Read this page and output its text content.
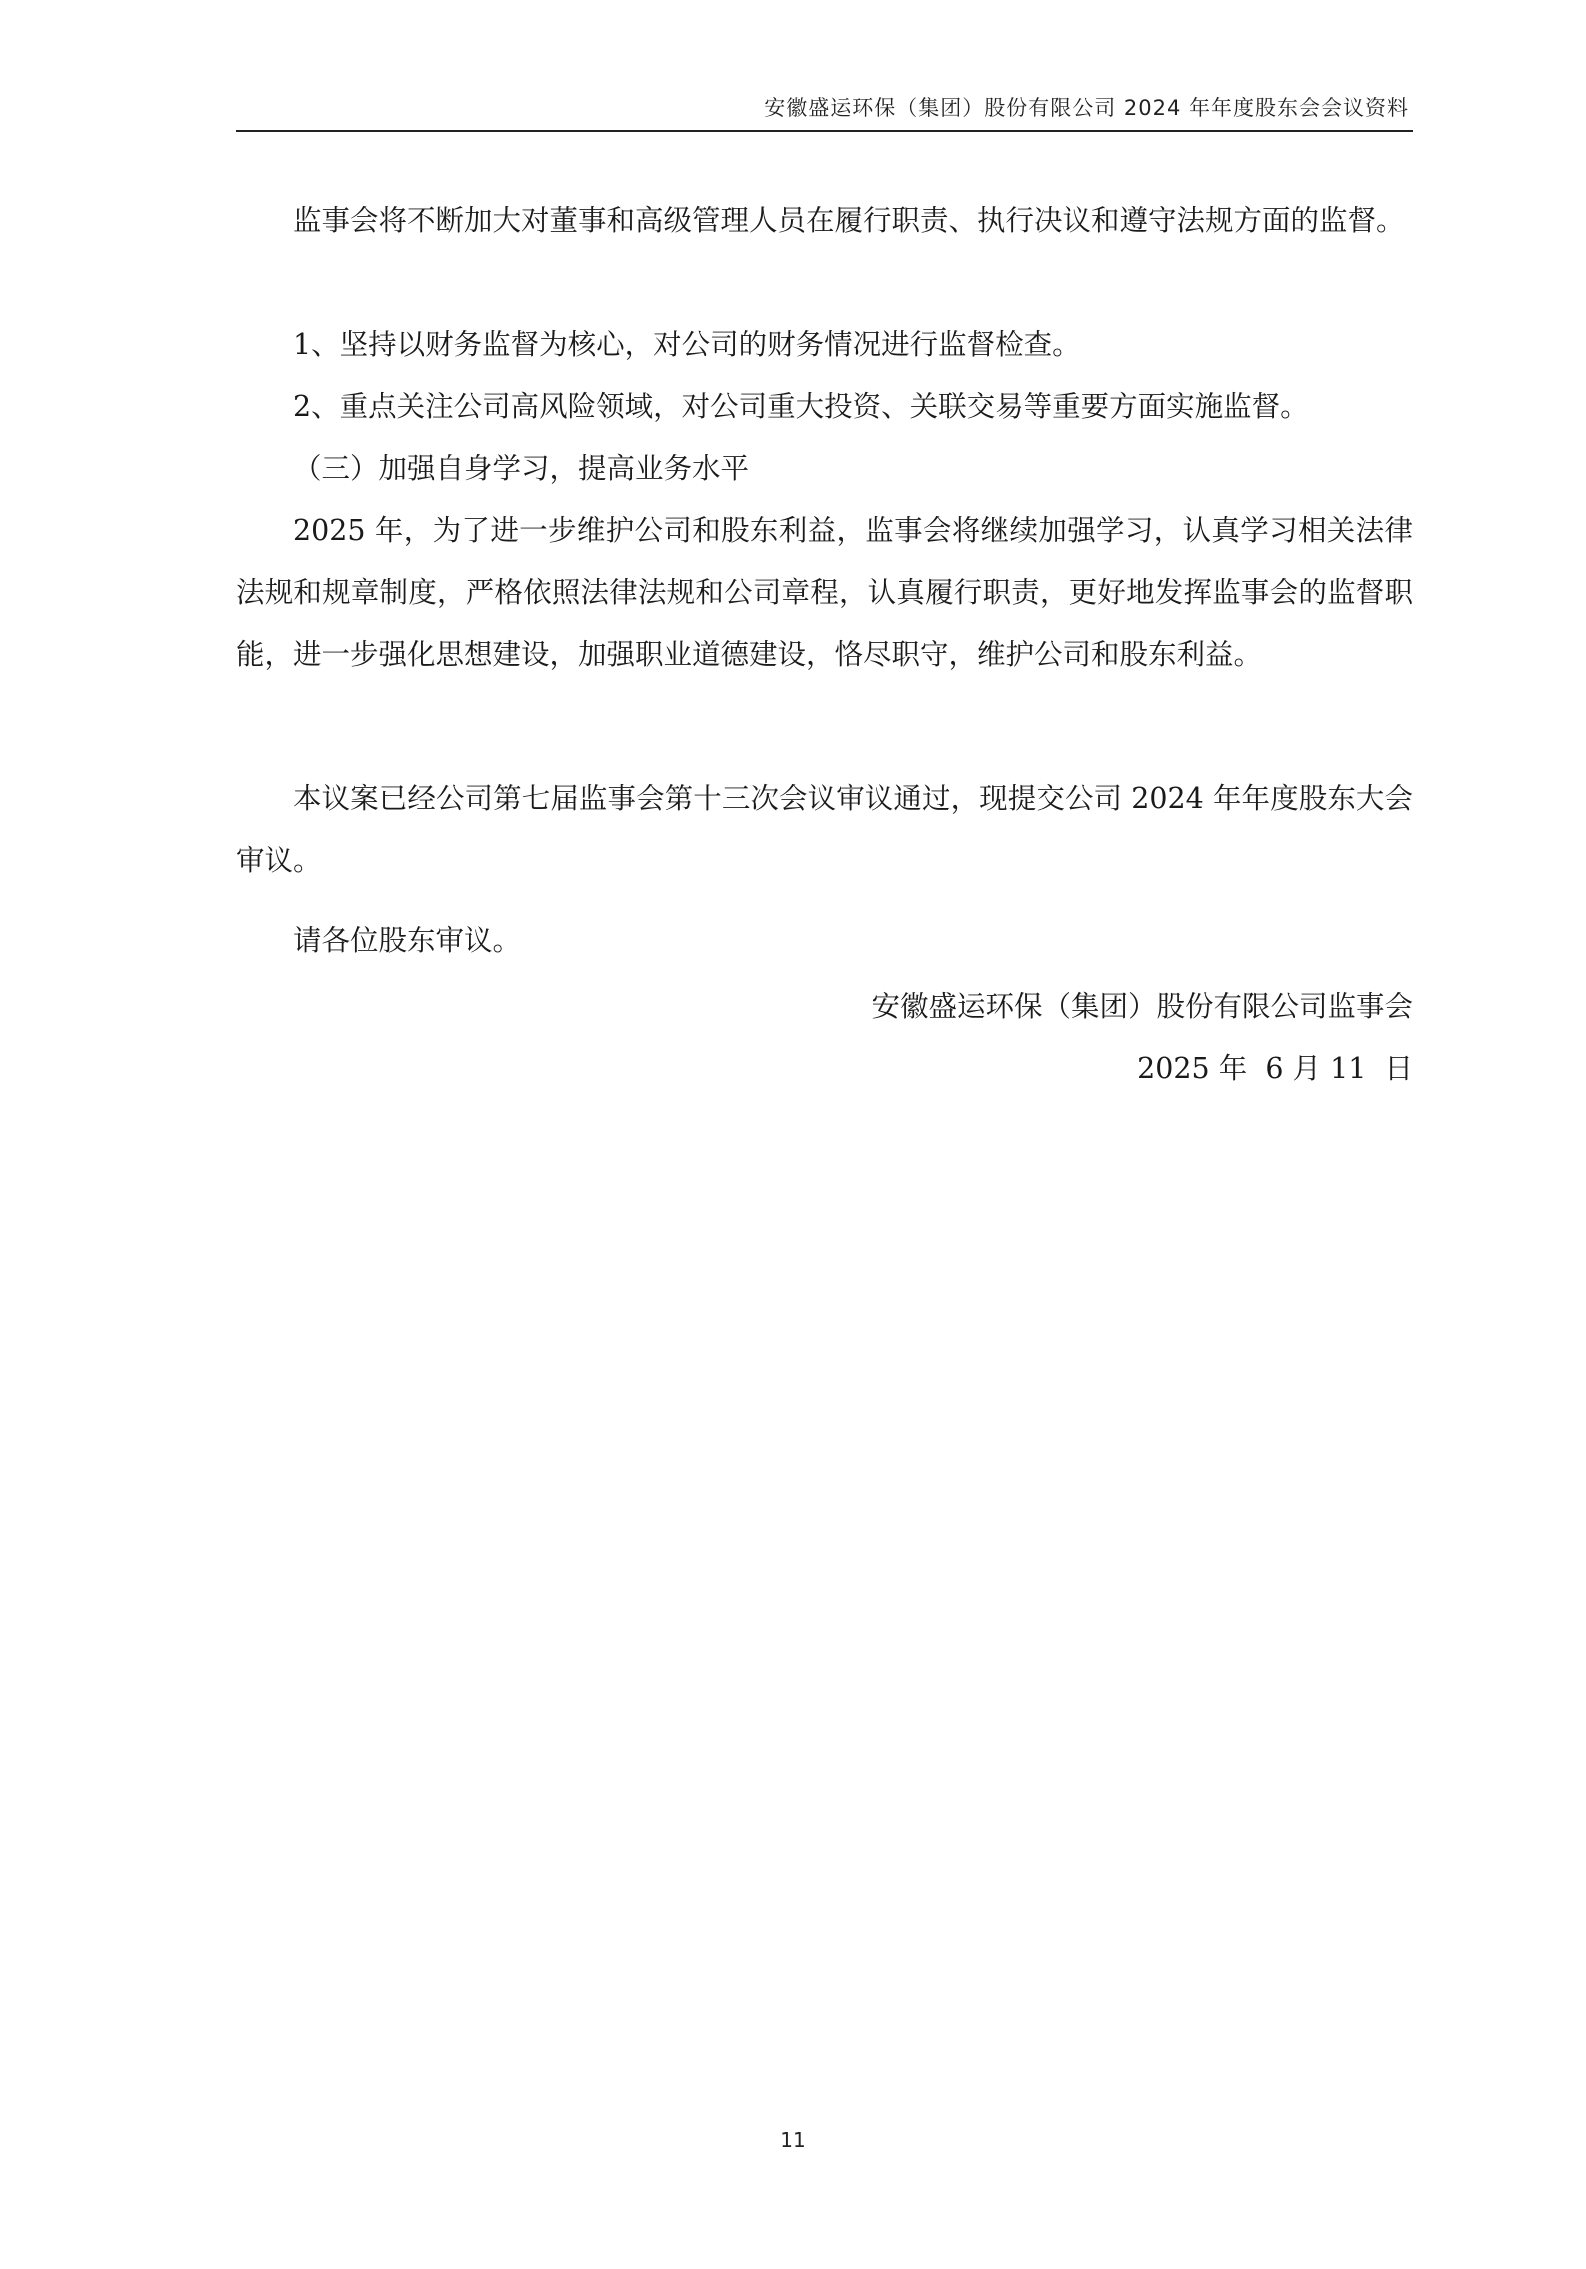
安徽盛运环保（集团）股份有限公司 2024 年年度股东会会议资料

监事会将不断加大对董事和高级管理人员在履行职责、执行决议和遵守法规方面的监督。

1、坚持以财务监督为核心，对公司的财务情况进行监督检查。

2、重点关注公司高风险领域，对公司重大投资、关联交易等重要方面实施监督。

（三）加强自身学习，提高业务水平

2025 年，为了进一步维护公司和股东利益，监事会将继续加强学习，认真学习相关法律法规和规章制度，严格依照法律法规和公司章程，认真履行职责，更好地发挥监事会的监督职能，进一步强化思想建设，加强职业道德建设，恪尽职守，维护公司和股东利益。

本议案已经公司第七届监事会第十三次会议审议通过，现提交公司 2024 年年度股东大会审议。

请各位股东审议。

安徽盛运环保（集团）股份有限公司监事会

2025 年  6 月 11  日

11
